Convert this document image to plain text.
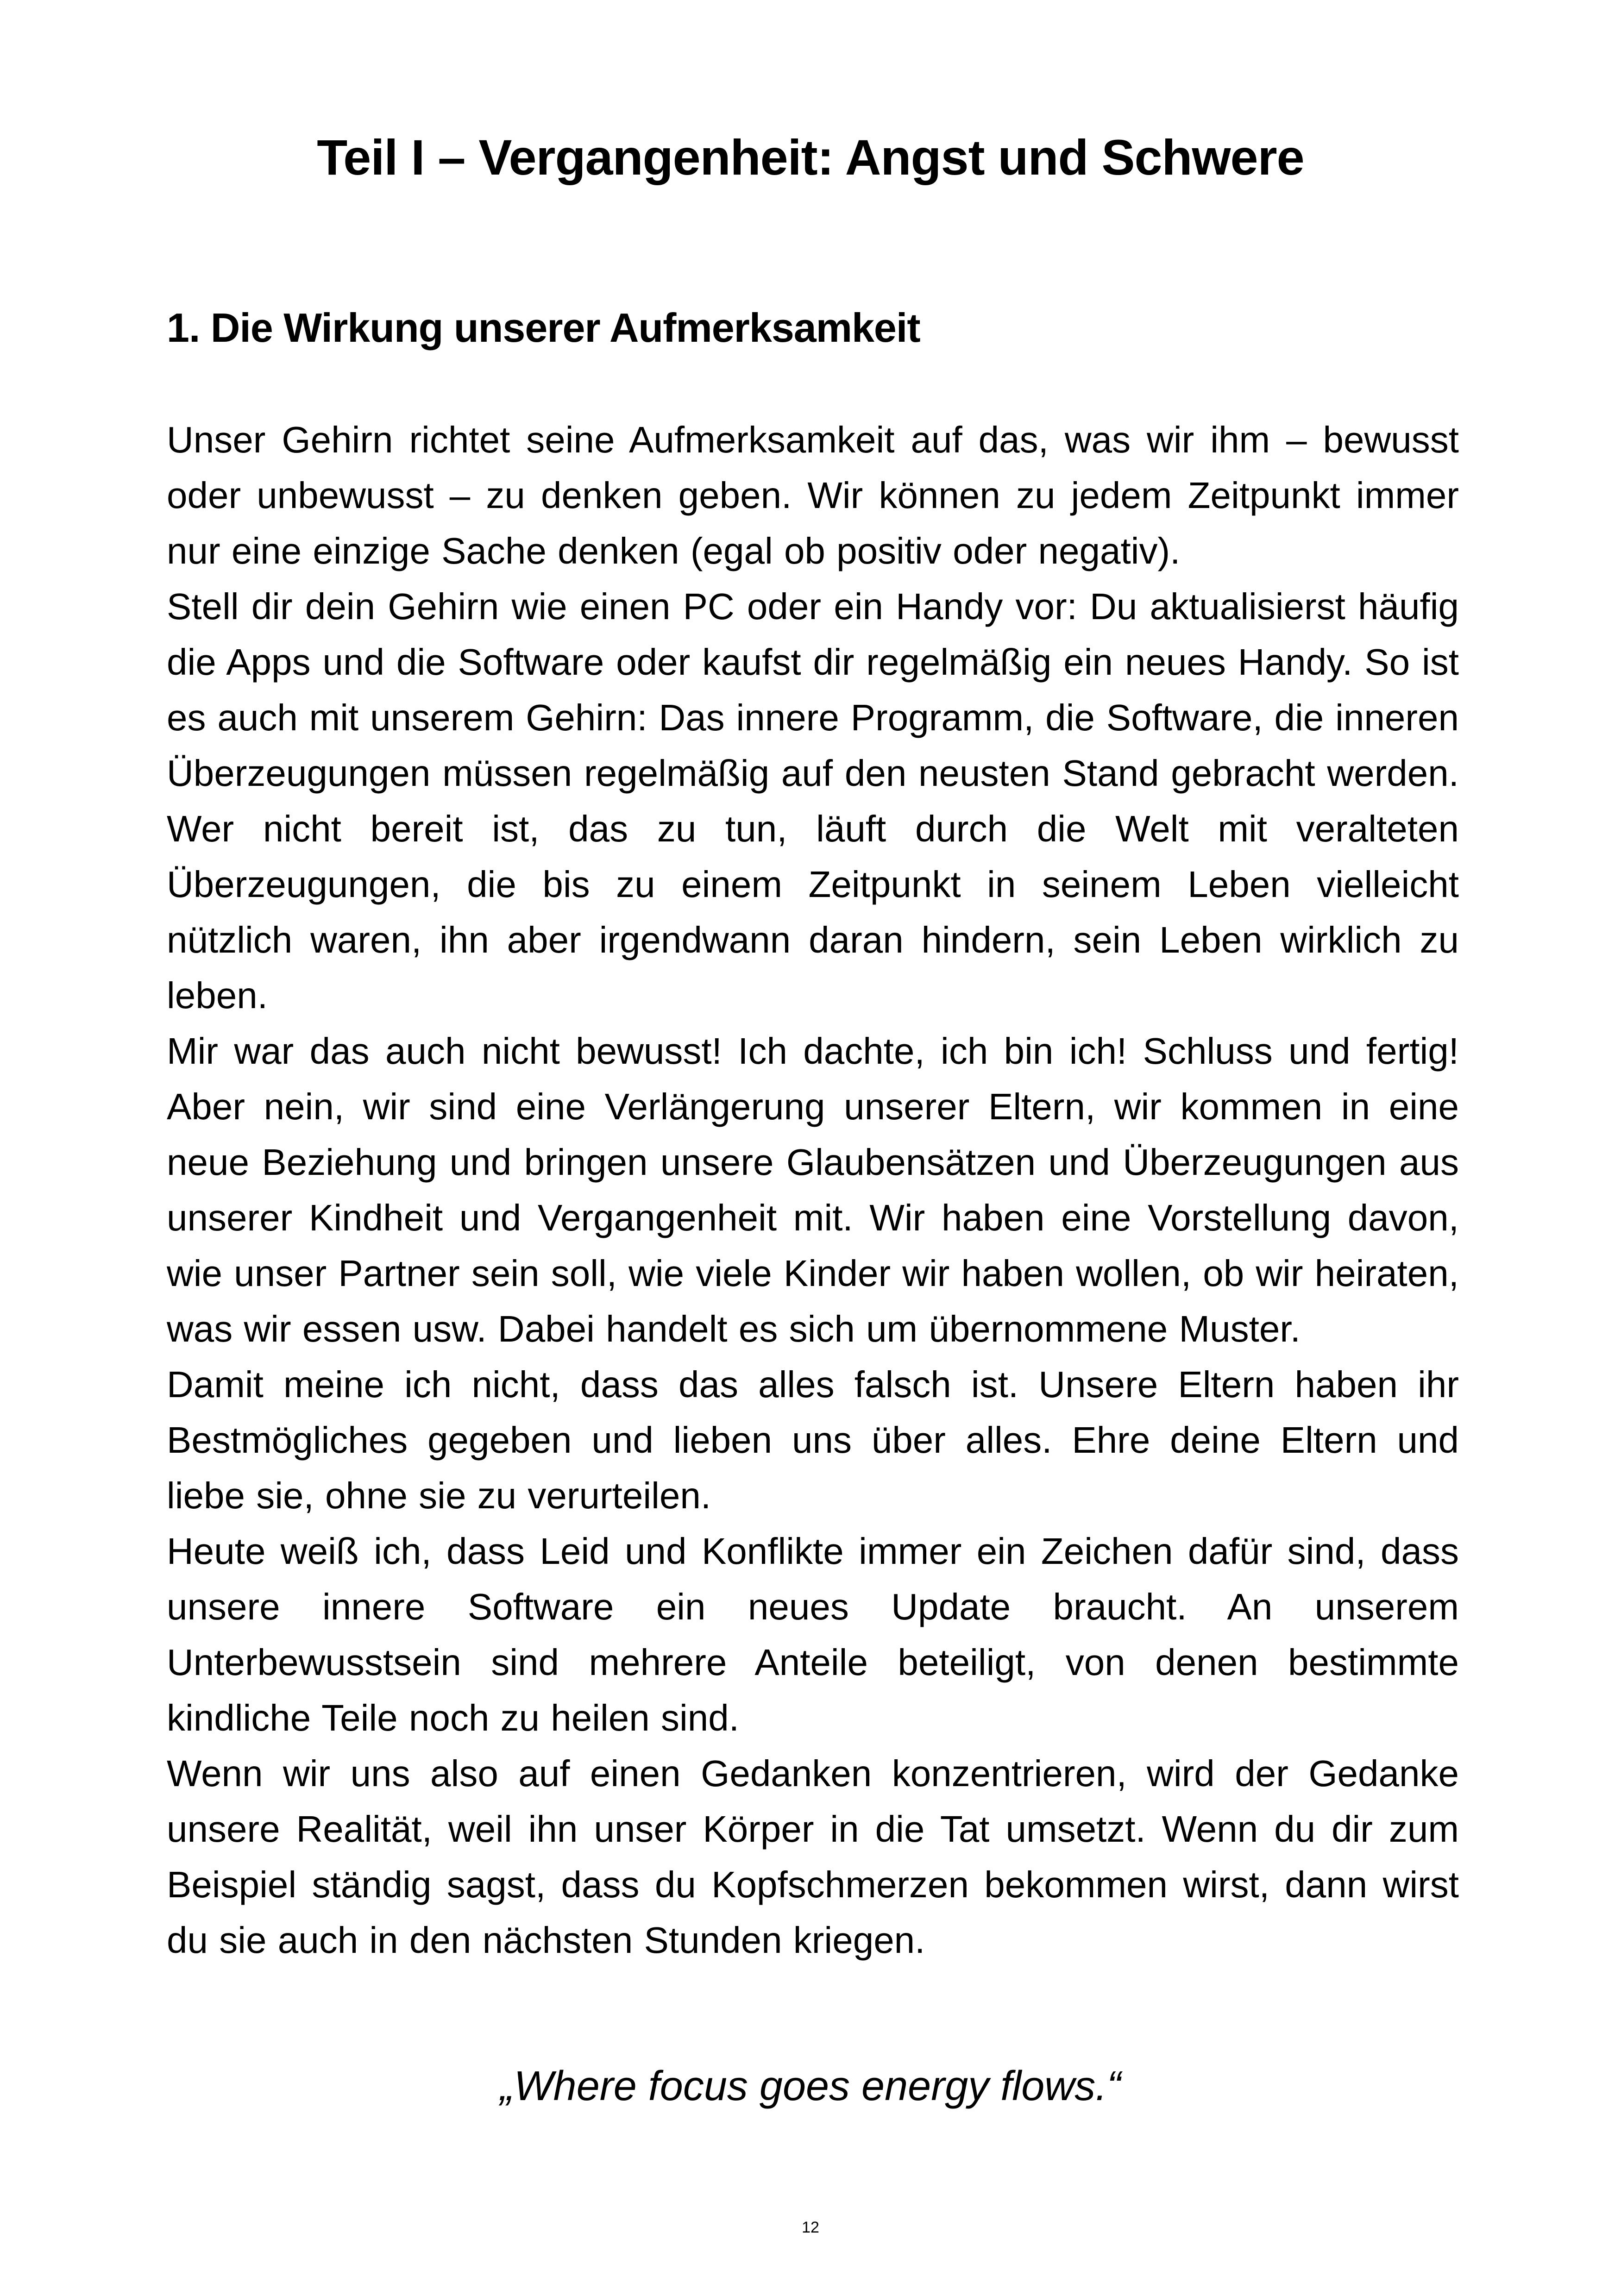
Teil I – Vergangenheit: Angst und Schwere
1. Die Wirkung unserer Aufmerksamkeit

Unser Gehirn richtet seine Aufmerksamkeit auf das, was wir ihm – bewusst oder unbewusst – zu denken geben. Wir können zu jedem Zeitpunkt immer nur eine einzige Sache denken (egal ob positiv oder negativ).

Stell dir dein Gehirn wie einen PC oder ein Handy vor: Du aktualisierst häufig die Apps und die Software oder kaufst dir regelmäßig ein neues Handy. So ist es auch mit unserem Gehirn: Das innere Programm, die Software, die inneren Überzeugungen müssen regelmäßig auf den neusten Stand gebracht werden. Wer nicht bereit ist, das zu tun, läuft durch die Welt mit veralteten Überzeugungen, die bis zu einem Zeitpunkt in seinem Leben vielleicht nützlich waren, ihn aber irgendwann daran hindern, sein Leben wirklich zu leben.

Mir war das auch nicht bewusst! Ich dachte, ich bin ich! Schluss und fertig! Aber nein, wir sind eine Verlängerung unserer Eltern, wir kommen in eine neue Beziehung und bringen unsere Glaubensätzen und Überzeugungen aus unserer Kindheit und Vergangenheit mit. Wir haben eine Vorstellung davon, wie unser Partner sein soll, wie viele Kinder wir haben wollen, ob wir heiraten, was wir essen usw. Dabei handelt es sich um übernommene Muster.

Damit meine ich nicht, dass das alles falsch ist. Unsere Eltern haben ihr Bestmögliches gegeben und lieben uns über alles. Ehre deine Eltern und liebe sie, ohne sie zu verurteilen.

Heute weiß ich, dass Leid und Konflikte immer ein Zeichen dafür sind, dass unsere innere Software ein neues Update braucht. An unserem Unterbewusstsein sind mehrere Anteile beteiligt, von denen bestimmte kindliche Teile noch zu heilen sind.

Wenn wir uns also auf einen Gedanken konzentrieren, wird der Gedanke unsere Realität, weil ihn unser Körper in die Tat umsetzt. Wenn du dir zum Beispiel ständig sagst, dass du Kopfschmerzen bekommen wirst, dann wirst du sie auch in den nächsten Stunden kriegen.

„Where focus goes energy flows.“
12
